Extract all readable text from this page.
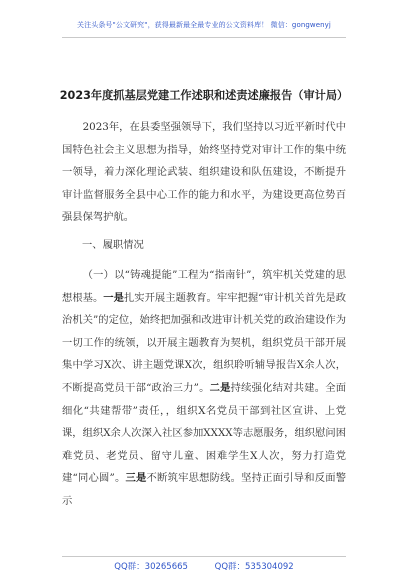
关注头条号"公文研究"，获得最新最全最专业的公文资料库！ 微信：gongwenyj
2023年度抓基层党建工作述职和述责述廉报告（审计局）
2023年，在县委坚强领导下，我们坚持以习近平新时代中国特色社会主义思想为指导，始终坚持党对审计工作的集中统一领导，着力深化理论武装、组织建设和队伍建设，不断提升审计监督服务全县中心工作的能力和水平，为建设更高位势百强县保驾护航。
一、履职情况
（一）以“铸魂提能”工程为“指南针”，筑牢机关党建的思想根基。一是扎实开展主题教育。牢牢把握“审计机关首先是政治机关”的定位，始终把加强和改进审计机关党的政治建设作为一切工作的统领，以开展主题教育为契机，组织党员干部开展集中学习X次、讲主题党课X次，组织聆听辅导报告X余人次，不断提高党员干部“政治三力”。二是持续强化结对共建。全面细化“共建帮带”责任，，组织X名党员干部到社区宣讲、上党课，组织X余人次深入社区参加XXXX等志愿服务，组织慰问困难党员、老党员、留守儿童、困难学生X人次，努力打造党建“同心圆”。三是不断筑牢思想防线。坚持正面引导和反面警示
QQ群：30265665	QQ群：535304092
